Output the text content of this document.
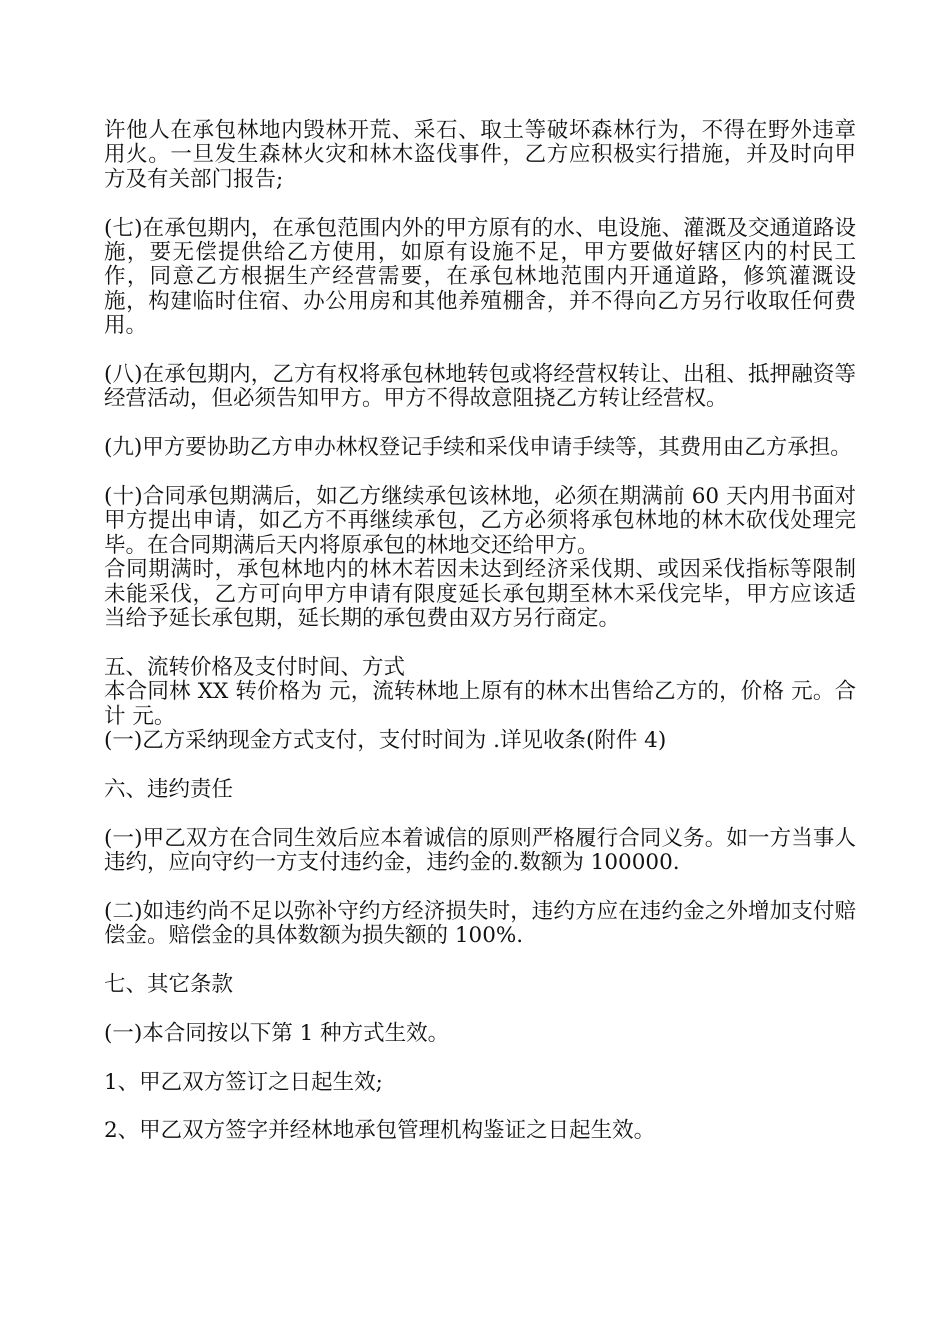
许他人在承包林地内毁林开荒、采石、取土等破坏森林行为，不得在野外违章用火。一旦发生森林火灾和林木盗伐事件，乙方应积极实行措施，并及时向甲方及有关部门报告;

(七)在承包期内，在承包范围内外的甲方原有的水、电设施、灌溉及交通道路设施，要无偿提供给乙方使用，如原有设施不足，甲方要做好辖区内的村民工作，同意乙方根据生产经营需要，在承包林地范围内开通道路，修筑灌溉设施，构建临时住宿、办公用房和其他养殖棚舍，并不得向乙方另行收取任何费用。

(八)在承包期内，乙方有权将承包林地转包或将经营权转让、出租、抵押融资等经营活动，但必须告知甲方。甲方不得故意阻挠乙方转让经营权。

(九)甲方要协助乙方申办林权登记手续和采伐申请手续等，其费用由乙方承担。

(十)合同承包期满后，如乙方继续承包该林地，必须在期满前 60 天内用书面对甲方提出申请，如乙方不再继续承包，乙方必须将承包林地的林木砍伐处理完毕。在合同期满后天内将原承包的林地交还给甲方。

合同期满时，承包林地内的林木若因未达到经济采伐期、或因采伐指标等限制未能采伐，乙方可向甲方申请有限度延长承包期至林木采伐完毕，甲方应该适当给予延长承包期，延长期的承包费由双方另行商定。

五、流转价格及支付时间、方式

本合同林 XX 转价格为 元，流转林地上原有的林木出售给乙方的，价格 元。合计 元。

(一)乙方采纳现金方式支付，支付时间为 .详见收条(附件 4)

六、违约责任

(一)甲乙双方在合同生效后应本着诚信的原则严格履行合同义务。如一方当事人违约，应向守约一方支付违约金，违约金的.数额为 100000.

(二)如违约尚不足以弥补守约方经济损失时，违约方应在违约金之外增加支付赔偿金。赔偿金的具体数额为损失额的 100%.

七、其它条款

(一)本合同按以下第 1 种方式生效。

1、甲乙双方签订之日起生效;

2、甲乙双方签字并经林地承包管理机构鉴证之日起生效。
